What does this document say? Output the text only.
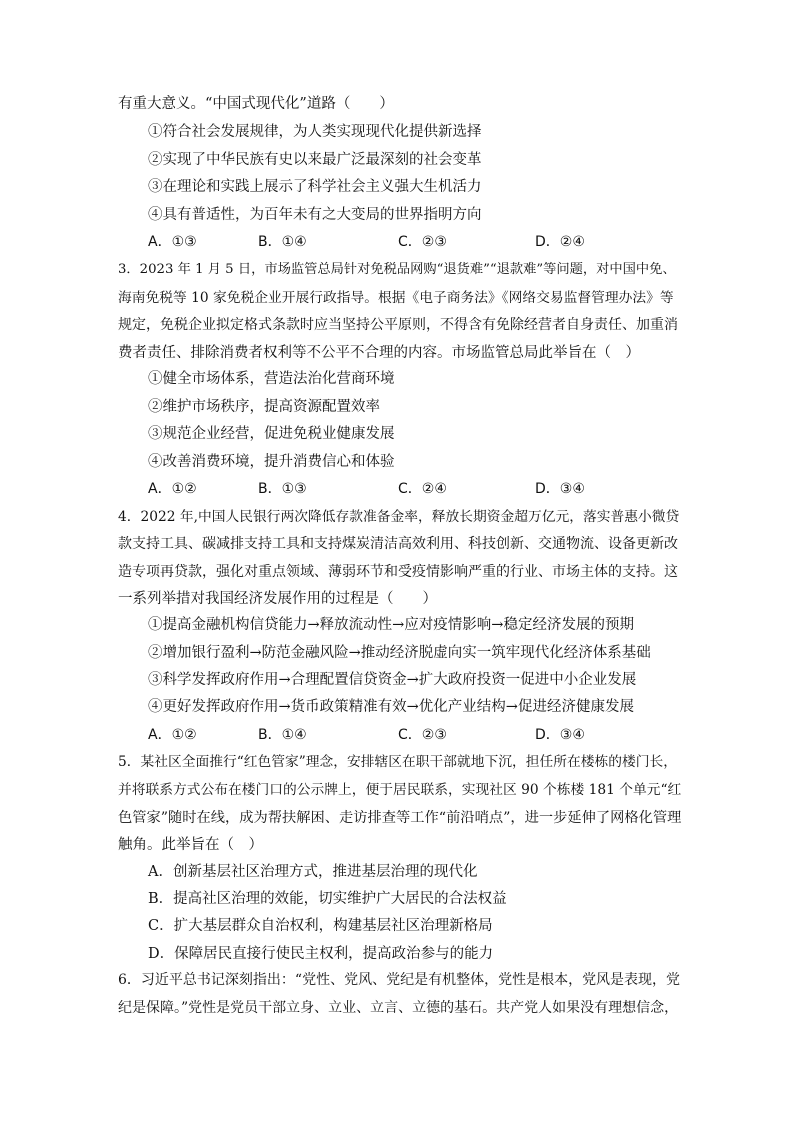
有重大意义。“中国式现代化”道路（　　）
①符合社会发展规律，为人类实现现代化提供新选择
②实现了中华民族有史以来最广泛最深刻的社会变革
③在理论和实践上展示了科学社会主义强大生机活力
④具有普适性，为百年未有之大变局的世界指明方向
A．①③	B．①④	C．②③	D．②④
3．2023 年 1 月 5 日，市场监管总局针对免税品网购“退货难”“退款难”等问题，对中国中免、
海南免税等 10 家免税企业开展行政指导。根据《电子商务法》《网络交易监督管理办法》等
规定，免税企业拟定格式条款时应当坚持公平原则，不得含有免除经营者自身责任、加重消
费者责任、排除消费者权利等不公平不合理的内容。市场监管总局此举旨在（　）
①健全市场体系，营造法治化营商环境
②维护市场秩序，提高资源配置效率
③规范企业经营，促进免税业健康发展
④改善消费环境，提升消费信心和体验
A．①②	B．①③	C．②④	D．③④
4．2022 年,中国人民银行两次降低存款准备金率，释放长期资金超万亿元，落实普惠小微贷
款支持工具、碳减排支持工具和支持煤炭清洁高效利用、科技创新、交通物流、设备更新改
造专项再贷款，强化对重点领域、薄弱环节和受疫情影响严重的行业、市场主体的支持。这
一系列举措对我国经济发展作用的过程是（　　）
①提高金融机构信贷能力→释放流动性→应对疫情影响→稳定经济发展的预期
②增加银行盈利→防范金融风险→推动经济脱虚向实一筑牢现代化经济体系基础
③科学发挥政府作用→合理配置信贷资金→扩大政府投资一促进中小企业发展
④更好发挥政府作用→货币政策精准有效→优化产业结构→促进经济健康发展
A．①②	B．①④	C．②③	D．③④
5．某社区全面推行“红色管家”理念，安排辖区在职干部就地下沉，担任所在楼栋的楼门长，
并将联系方式公布在楼门口的公示牌上，便于居民联系，实现社区 90 个栋楼 181 个单元“红
色管家”随时在线，成为帮扶解困、走访排查等工作“前沿哨点”，进一步延伸了网格化管理
触角。此举旨在（　）
A．创新基层社区治理方式，推进基层治理的现代化
B．提高社区治理的效能，切实维护广大居民的合法权益
C．扩大基层群众自治权利，构建基层社区治理新格局
D．保障居民直接行使民主权利，提高政治参与的能力
6．习近平总书记深刻指出：“党性、党风、党纪是有机整体，党性是根本，党风是表现，党
纪是保障。”党性是党员干部立身、立业、立言、立德的基石。共产党人如果没有理想信念，
